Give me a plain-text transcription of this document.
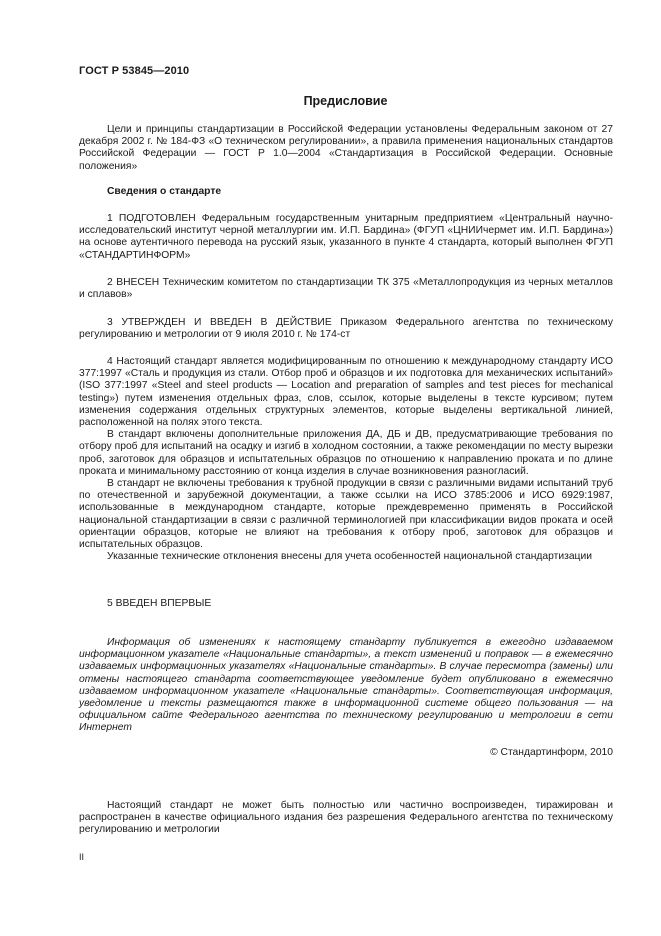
ГОСТ Р 53845—2010
Предисловие

Цели и принципы стандартизации в Российской Федерации установлены Федеральным законом от 27 декабря 2002 г. № 184-ФЗ «О техническом регулировании», а правила применения национальных стандартов Российской Федерации — ГОСТ Р 1.0—2004 «Стандартизация в Российской Федерации. Основные положения»

Сведения о стандарте

1 ПОДГОТОВЛЕН Федеральным государственным унитарным предприятием «Центральный научно-исследовательский институт черной металлургии им. И.П. Бардина» (ФГУП «ЦНИИчермет им. И.П. Бардина») на основе аутентичного перевода на русский язык, указанного в пункте 4 стандарта, который выполнен ФГУП «СТАНДАРТИНФОРМ»

2 ВНЕСЕН Техническим комитетом по стандартизации ТК 375 «Металлопродукция из черных металлов и сплавов»

3 УТВЕРЖДЕН И ВВЕДЕН В ДЕЙСТВИЕ Приказом Федерального агентства по техническому регулированию и метрологии от 9 июля 2010 г. № 174-ст

4 Настоящий стандарт является модифицированным по отношению к международному стандарту ИСО 377:1997 «Сталь и продукция из стали. Отбор проб и образцов и их подготовка для механических испытаний» (ISO 377:1997 «Steel and steel products — Location and preparation of samples and test pieces for mechanical testing») путем изменения отдельных фраз, слов, ссылок, которые выделены в тексте курсивом; путем изменения содержания отдельных структурных элементов, которые выделены вертикальной линией, расположенной на полях этого текста.

В стандарт включены дополнительные приложения ДА, ДБ и ДВ, предусматривающие требования по отбору проб для испытаний на осадку и изгиб в холодном состоянии, а также рекомендации по месту вырезки проб, заготовок для образцов и испытательных образцов по отношению к направлению проката и по длине проката и минимальному расстоянию от конца изделия в случае возникновения разногласий.

В стандарт не включены требования к трубной продукции в связи с различными видами испытаний труб по отечественной и зарубежной документации, а также ссылки на ИСО 3785:2006 и ИСО 6929:1987, использованные в международном стандарте, которые преждевременно применять в Российской национальной стандартизации в связи с различной терминологией при классификации видов проката и осей ориентации образцов, которые не влияют на требования к отбору проб, заготовок для образцов и испытательных образцов.

Указанные технические отклонения внесены для учета особенностей национальной стандартизации

5 ВВЕДЕН ВПЕРВЫЕ

Информация об изменениях к настоящему стандарту публикуется в ежегодно издаваемом информационном указателе «Национальные стандарты», а текст изменений и поправок — в ежемесячно издаваемых информационных указателях «Национальные стандарты». В случае пересмотра (замены) или отмены настоящего стандарта соответствующее уведомление будет опубликовано в ежемесячно издаваемом информационном указателе «Национальные стандарты». Соответствующая информация, уведомление и тексты размещаются также в информационной системе общего пользования — на официальном сайте Федерального агентства по техническому регулированию и метрологии в сети Интернет

© Стандартинформ, 2010

Настоящий стандарт не может быть полностью или частично воспроизведен, тиражирован и распространен в качестве официального издания без разрешения Федерального агентства по техническому регулированию и метрологии

II
